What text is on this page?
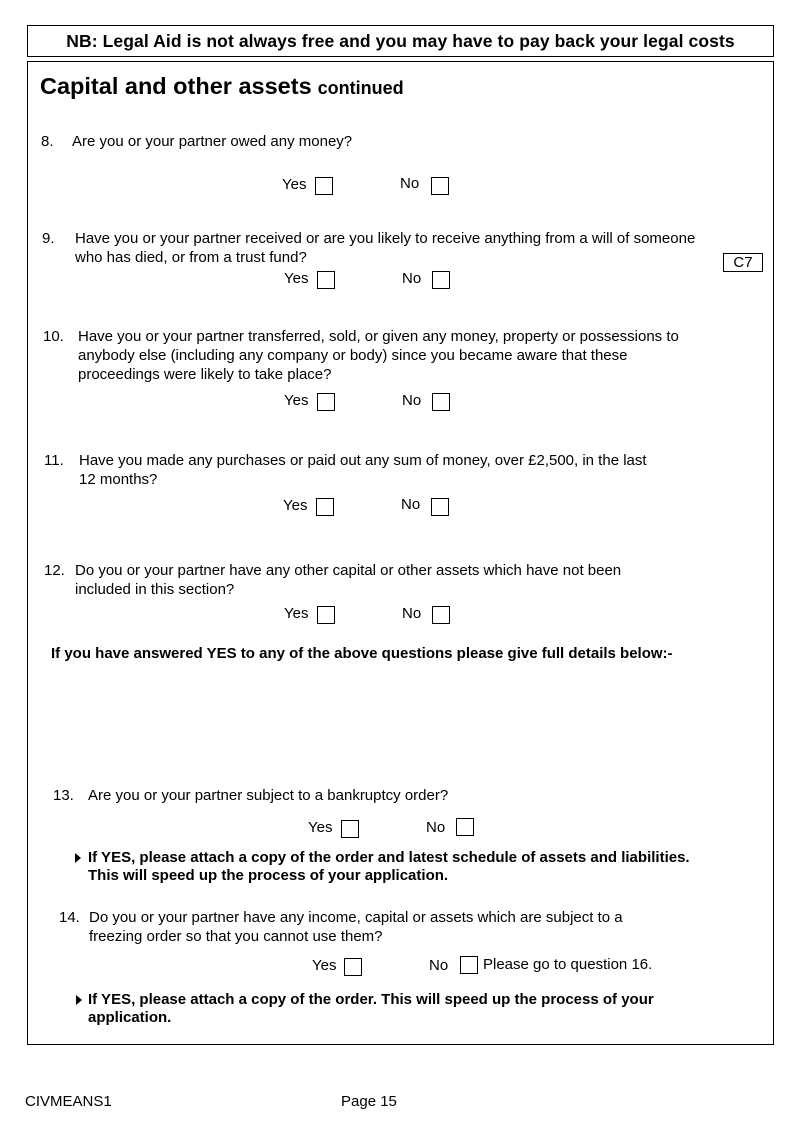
NB: Legal Aid is not always free and you may have to pay back your legal costs
Capital and other assets continued
8. Are you or your partner owed any money?
Yes	No
9. Have you or your partner received or are you likely to receive anything from a will of someone
who has died, or from a trust fund?	C7
Yes	No
10. Have you or your partner transferred, sold, or given any money, property or possessions to
anybody else (including any company or body) since you became aware that these
proceedings were likely to take place?
Yes	No
11. Have you made any purchases or paid out any sum of money, over £2,500, in the last
12 months?
Yes	No
12. Do you or your partner have any other capital or other assets which have not been
included in this section?
Yes	No
If you have answered YES to any of the above questions please give full details below:-
13. Are you or your partner subject to a bankruptcy order?
Yes	No
If YES, please attach a copy of the order and latest schedule of assets and liabilities.
This will speed up the process of your application.
14. Do you or your partner have any income, capital or assets which are subject to a
freezing order so that you cannot use them?
Yes	No Please go to question 16.
If YES, please attach a copy of the order. This will speed up the process of your
application.
CIVMEANS1	Page 15
